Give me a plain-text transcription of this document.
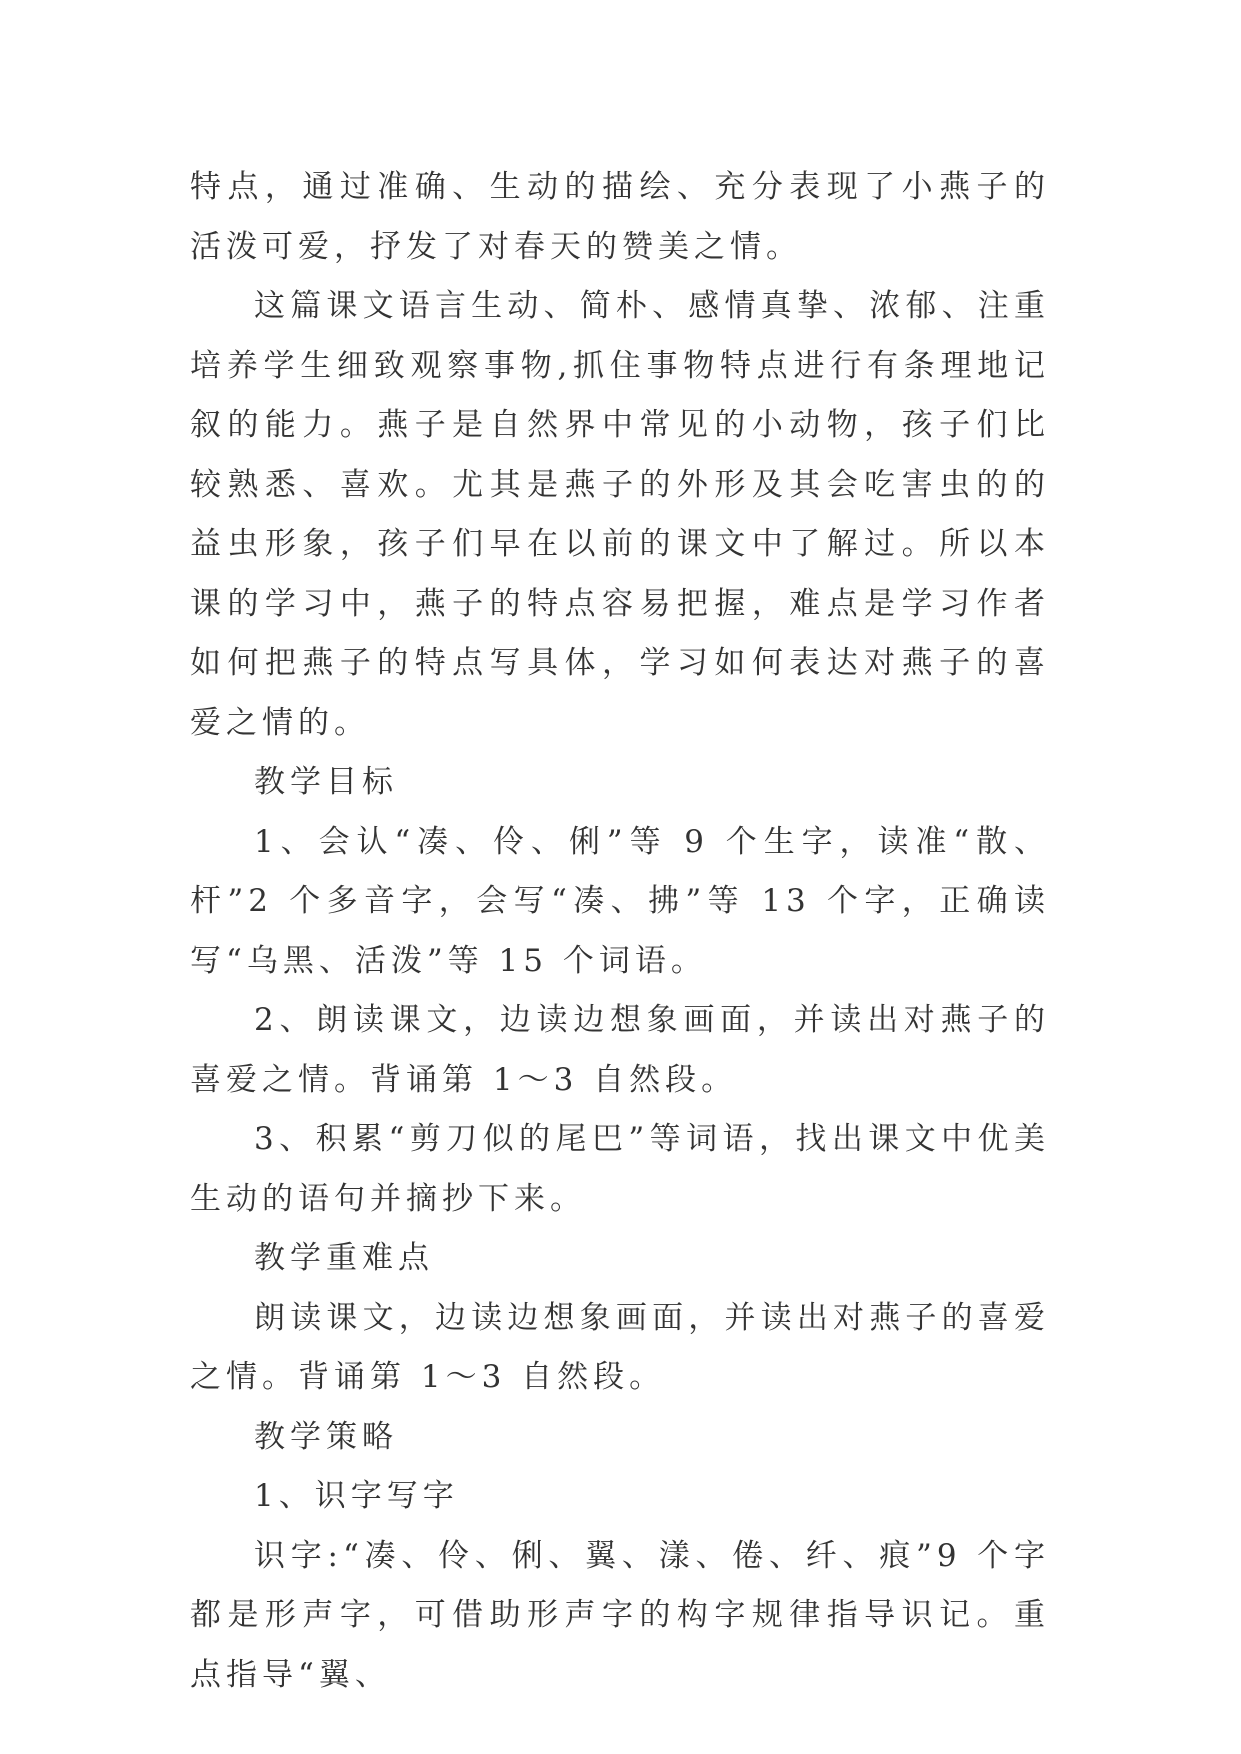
特点，通过准确、生动的描绘、充分表现了小燕子的活泼可爱，抒发了对春天的赞美之情。

这篇课文语言生动、简朴、感情真挚、浓郁、注重培养学生细致观察事物,抓住事物特点进行有条理地记叙的能力。燕子是自然界中常见的小动物，孩子们比较熟悉、喜欢。尤其是燕子的外形及其会吃害虫的的益虫形象，孩子们早在以前的课文中了解过。所以本课的学习中，燕子的特点容易把握，难点是学习作者如何把燕子的特点写具体，学习如何表达对燕子的喜爱之情的。

教学目标

1、会认“凑、伶、俐”等 9 个生字，读准“散、杆”2 个多音字，会写“凑、拂”等 13 个字，正确读写“乌黑、活泼”等 15 个词语。

2、朗读课文，边读边想象画面，并读出对燕子的喜爱之情。背诵第 1～3 自然段。

3、积累“剪刀似的尾巴”等词语，找出课文中优美生动的语句并摘抄下来。

教学重难点

朗读课文，边读边想象画面，并读出对燕子的喜爱之情。背诵第 1～3 自然段。

教学策略

1、识字写字

识字:“凑、伶、俐、翼、漾、倦、纤、痕”9 个字都是形声字，可借助形声字的构字规律指导识记。重点指导“翼、
